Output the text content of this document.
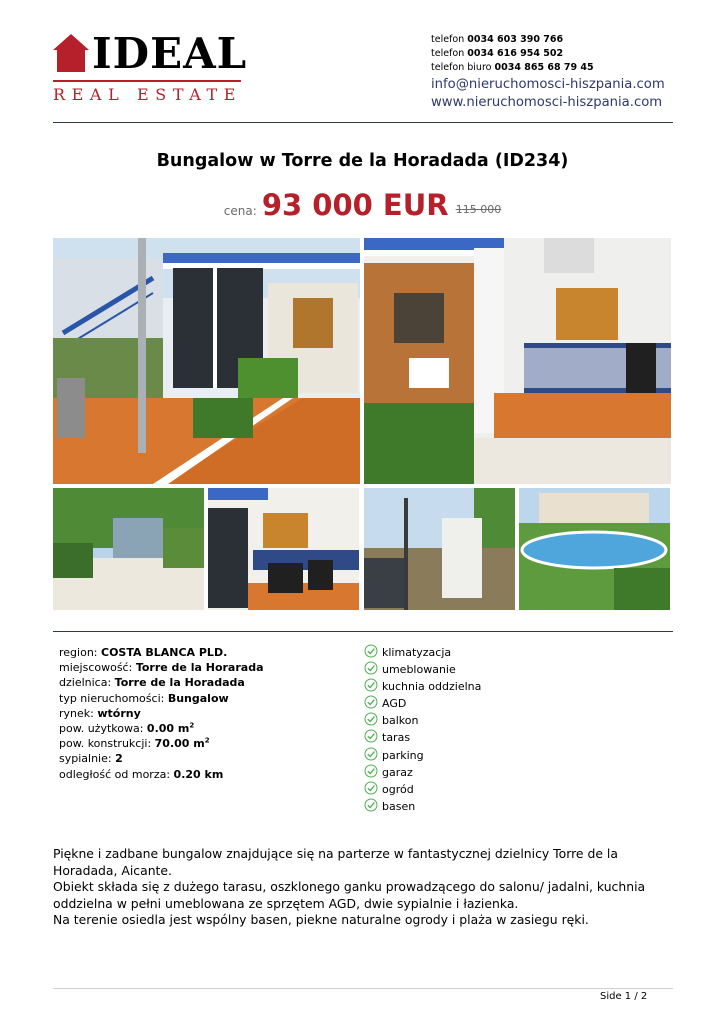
IDEAL
REAL ESTATE
telefon 0034 603 390 766
telefon 0034 616 954 502
telefon biuro 0034 865 68 79 45
info@nieruchomosci-hiszpania.com
www.nieruchomosci-hiszpania.com
Bungalow w Torre de la Horadada (ID234)
cena: 93 000 EUR 115 000
region: COSTA BLANCA PLD.
miejscowość: Torre de la Horarada
dzielnica: Torre de la Horadada
typ nieruchomości: Bungalow
rynek: wtórny
pow. użytkowa: 0.00 $m^2$
pow. konstrukcji: 70.00 $m^2$
sypialnie: 2
odległość od morza: 0.20 km
klimatyzacja
umeblowanie
kuchnia oddzielna
AGD
balkon
taras
parking
garaz
ogród
basen

Piękne i zadbane bungalow znajdujące się na parterze w fantastycznej dzielnicy Torre de la Horadada, Aicante.

Obiekt składa się z dużego tarasu, oszklonego ganku prowadzącego do salonu/ jadalni, kuchnia oddzielna w pełni umeblowana ze sprzętem AGD, dwie sypialnie i łazienka.

Na terenie osiedla jest wspólny basen, piekne naturalne ogrody i plaża w zasiegu ręki.

Side 1 / 2
